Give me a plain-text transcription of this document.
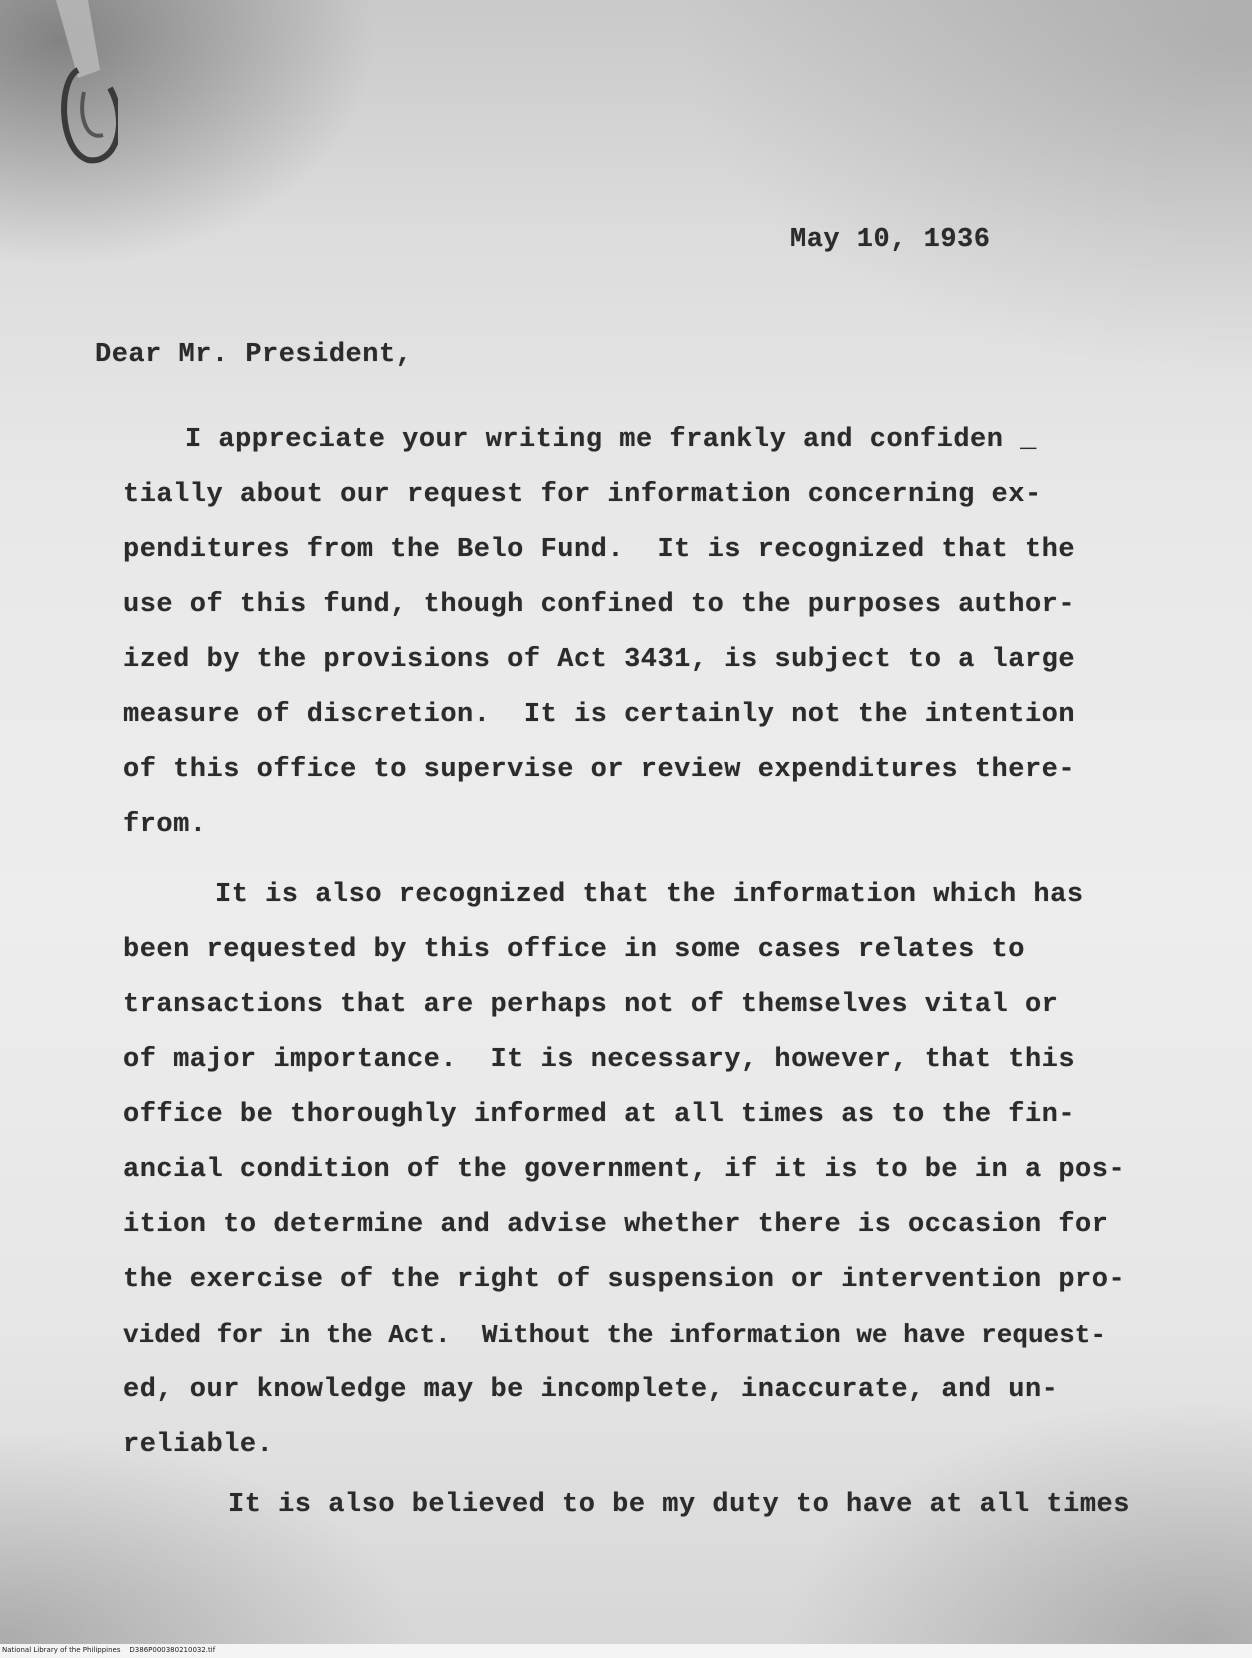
May 10, 1936

Dear Mr. President,

I appreciate your writing me frankly and confiden _

tially about our request for information concerning ex-

penditures from the Belo Fund.  It is recognized that the

use of this fund, though confined to the purposes author-

ized by the provisions of Act 3431, is subject to a large

measure of discretion.  It is certainly not the intention

of this office to supervise or review expenditures there-

from.

It is also recognized that the information which has

been requested by this office in some cases relates to

transactions that are perhaps not of themselves vital or

of major importance.  It is necessary, however, that this

office be thoroughly informed at all times as to the fin-

ancial condition of the government, if it is to be in a pos-

ition to determine and advise whether there is occasion for

the exercise of the right of suspension or intervention pro-

vided for in the Act.  Without the information we have request-

ed, our knowledge may be incomplete, inaccurate, and un-

reliable.

It is also believed to be my duty to have at all times

National Library of the Philippines    D386P000380210032.tif
